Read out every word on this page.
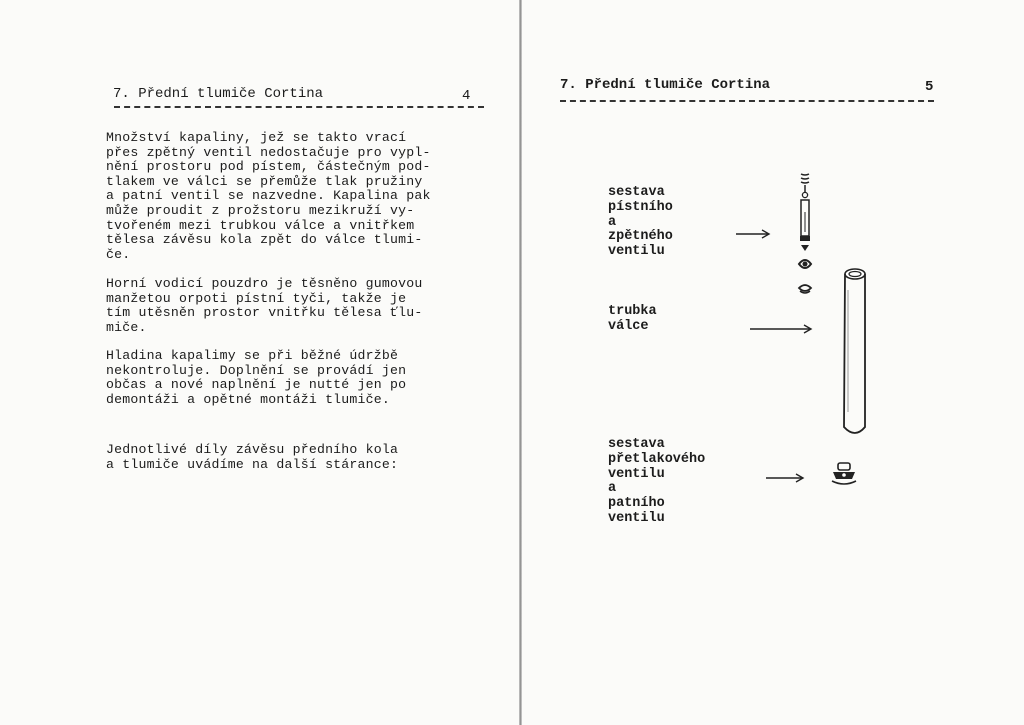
7. Přední tlumiče Cortina	4
Množství kapaliny, jež se takto vrací
přes zpětný ventil nedostačuje pro vypl-
nění prostoru pod pístem, částečným pod-
tlakem ve válci se přemůže tlak pružiny
a patní ventil se nazvedne. Kapalina pak
může proudit z prožstoru mezikruží vy-
tvořeném mezi trubkou válce a vnitřkem
tělesa závěsu kola zpět do válce tlumi-
če.
Horní vodicí pouzdro je těsněno gumovou
manžetou orpoti pístní tyči, takže je
tím utěsněn prostor vnitřku tělesa ťlu-
miče.
Hladina kapalimy se při běžné údržbě
nekontroluje. Doplnění se provádí jen
občas a nové naplnění je nutté jen po
demontáži a opětné montáži tlumiče.
Jednotlivé díly závěsu předního kola
a tlumiče uvádíme na další stárance:
7. Přední tlumiče Cortina	5
sestava
pístního
a
zpětného
ventilu
trubka
válce
sestava
přetlakového
ventilu
a
patního
ventilu
